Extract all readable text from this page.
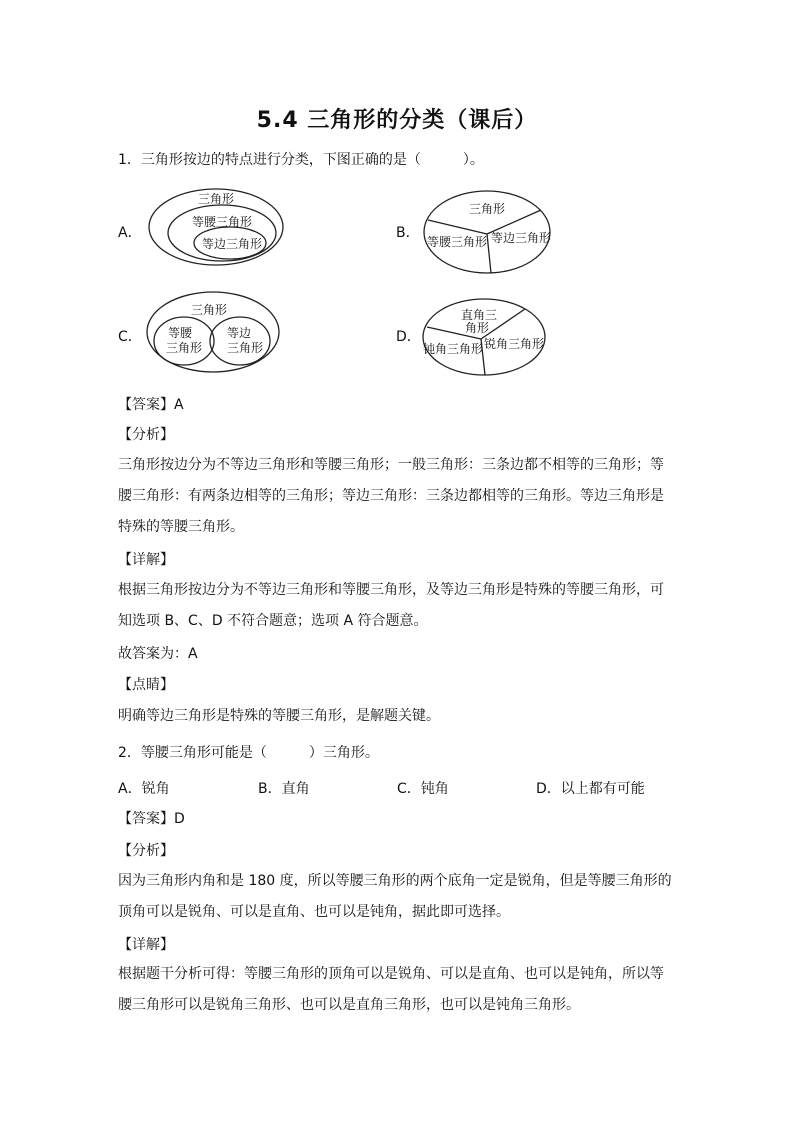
5.4 三角形的分类（课后）
1．三角形按边的特点进行分类，下图正确的是（　　　）。
A．
三角形
等腰三角形
等边三角形
B．
三角形
等腰三角形 等边三角形
C．
三角形
等腰
三角形
等边
三角形
D．
直角三
角形
钝角三角形 锐角三角形
【答案】A
【分析】
三角形按边分为不等边三角形和等腰三角形；一般三角形：三条边都不相等的三角形；等
腰三角形：有两条边相等的三角形；等边三角形：三条边都相等的三角形。等边三角形是
特殊的等腰三角形。
【详解】
根据三角形按边分为不等边三角形和等腰三角形，及等边三角形是特殊的等腰三角形，可
知选项 B、C、D 不符合题意；选项 A 符合题意。
故答案为：A
【点睛】
明确等边三角形是特殊的等腰三角形，是解题关键。
2．等腰三角形可能是（　　　）三角形。
A．锐角	B．直角	C．钝角	D．以上都有可能
【答案】D
【分析】
因为三角形内角和是 180 度，所以等腰三角形的两个底角一定是锐角，但是等腰三角形的
顶角可以是锐角、可以是直角、也可以是钝角，据此即可选择。
【详解】
根据题干分析可得：等腰三角形的顶角可以是锐角、可以是直角、也可以是钝角，所以等
腰三角形可以是锐角三角形、也可以是直角三角形，也可以是钝角三角形。
